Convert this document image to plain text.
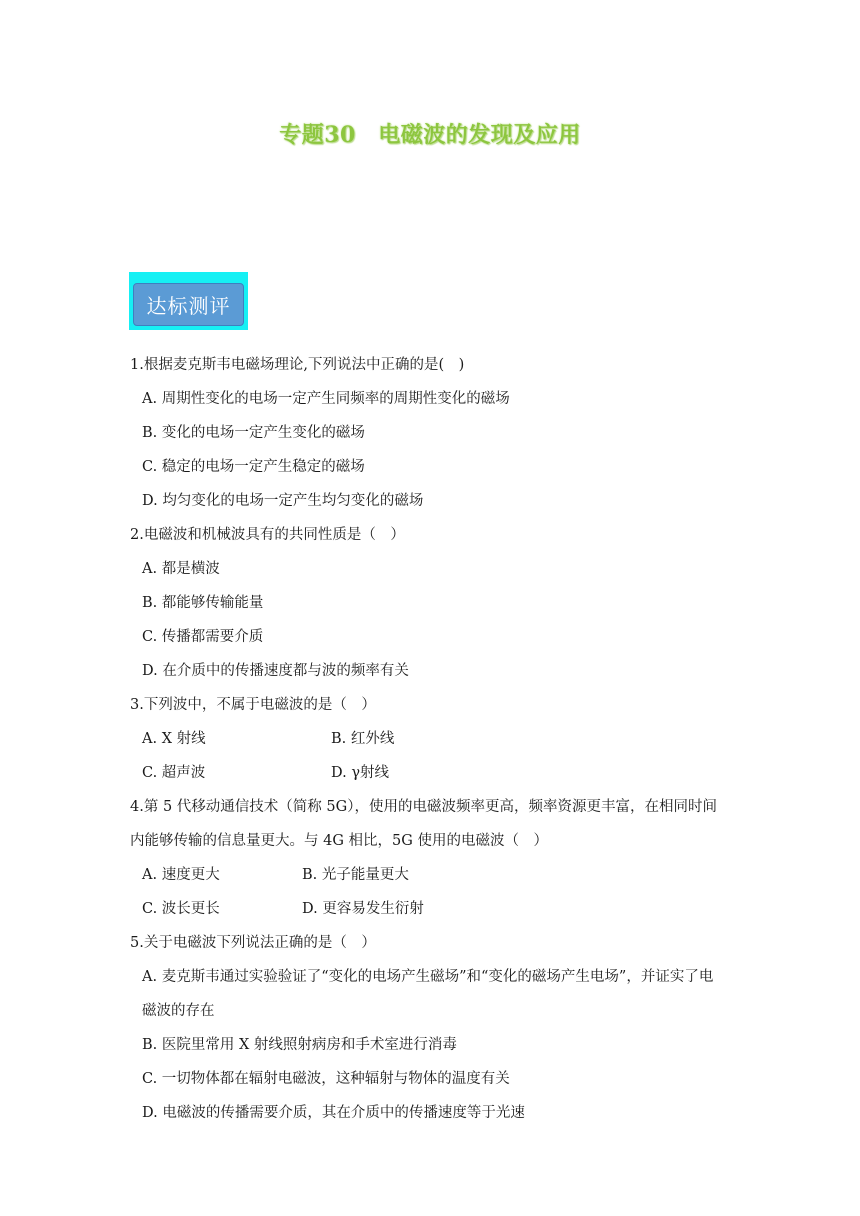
专题30　电磁波的发现及应用
达标测评
1.根据麦克斯韦电磁场理论,下列说法中正确的是(　)
A. 周期性变化的电场一定产生同频率的周期性变化的磁场
B. 变化的电场一定产生变化的磁场
C. 稳定的电场一定产生稳定的磁场
D. 均匀变化的电场一定产生均匀变化的磁场
2.电磁波和机械波具有的共同性质是（　）
A. 都是横波
B. 都能够传输能量
C. 传播都需要介质
D. 在介质中的传播速度都与波的频率有关
3.下列波中，不属于电磁波的是（　）
A. X 射线	B. 红外线
C. 超声波	D. γ射线
4.第 5 代移动通信技术（简称 5G），使用的电磁波频率更高，频率资源更丰富，在相同时间
内能够传输的信息量更大。与 4G 相比，5G 使用的电磁波（　）
A. 速度更大	B. 光子能量更大
C. 波长更长	D. 更容易发生衍射
5.关于电磁波下列说法正确的是（　）
A. 麦克斯韦通过实验验证了“变化的电场产生磁场”和“变化的磁场产生电场”，并证实了电
磁波的存在
B. 医院里常用 X 射线照射病房和手术室进行消毒
C. 一切物体都在辐射电磁波，这种辐射与物体的温度有关
D. 电磁波的传播需要介质，其在介质中的传播速度等于光速
